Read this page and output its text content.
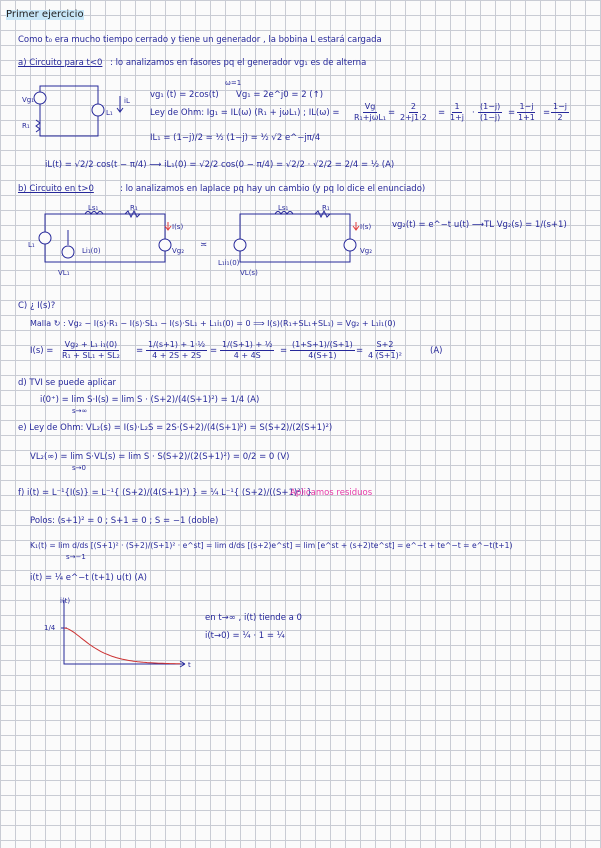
Primer ejercicio
Como t₀ era mucho tiempo cerrado y tiene un generador , la bobina L estará cargada
a) Circuito para t<0 : lo analizamos en fasores pq el generador vg₁ es de alterna
Vg₁
R₁
L₁
iL
ω=1
vg₁ (t) = 2cos(t) Vg₁ = 2e^j0 = 2 (↑)
Ley de Ohm: Ig₁ = IL(ω) (R₁ + jωL₁) ; IL(ω) =
Vg
$R_1+j\omega L_1 = \frac{2}{2+j1\cdot 2} = \frac{1}{1+j} \cdot \frac{(1-j)}{(1-j)} = \frac{1-j}{1+1} = \frac{1-j}{2}$
IL₁ = (1−j)/2 = ½ (1−j) = ½ √2 e^−jπ/4
iL(t) = √2/2 cos(t − π/4) ⟶ iL₁(0) = √2/2 cos(0 − π/4) = √2/2 · √2/2 = 2/4 = ½ (A)
b) Circuito en t>0	: lo analizamos en laplace pq hay un cambio (y pq lo dice el enunciado)
Ls₁	R₁
I(s)
Vg₂
L₁
Li₁(0)
VL₁
≍
Ls₁	R₁
I(s)
Vg₂
L₁i₁(0)
VL(s)
vg₂(t) = e^−t u(t) ⟶TL Vg₂(s) = 1/(s+1)
C) ¿ I(s)?
Malla ↻ : Vg₂ − I(s)·R₁ − I(s)·SL₁ − I(s)·SL₁ + L₁i₁(0) = 0 ⟹ I(s)(R₁+SL₁+SL₁) = Vg₂ + L₁i₁(0)
$I(s) = \frac{\text{Vg₂ + L₁ i₁(0)}}{\text{R₁ + SL₁ + SL₂}} = \frac{\text{1/(s+1) + 1·½}}{4 + 2S + 2S} = \frac{\text{1/(S+1) + ½}}{4 + 4S} = \frac{(1+S+1)/(S+1)}{4(S+1)} = \frac{S+2}{\text{4 (S+1)²}}$	(A)
d) TVI se puede aplicar
i(0⁺) = lim S·I(s) = lim S · (S+2)/(4(S+1)²) = 1/4 (A)
s→∞
e) Ley de Ohm: VL₂(s) = I(s)·L₂S = 2S·(S+2)/(4(S+1)²) = S(S+2)/(2(S+1)²)
VL₂(∞) = lim S·VL(s) = lim S · S(S+2)/(2(S+1)²) = 0/2 = 0 (V)
s→0
f) i(t) = L⁻¹{I(s)} = L⁻¹{ (S+2)/(4(S+1)²) } = ¼ L⁻¹{ (S+2)/((S+1)²) }
Aplicamos residuos
Polos: (s+1)² = 0 ; S+1 = 0 ; S = −1 (doble)
K₁(t) = lim d/ds [(S+1)² · (S+2)/(S+1)² · e^st] = lim d/ds [(s+2)e^st] = lim [e^st + (s+2)te^st] = e^−t + te^−t = e^−t(t+1)
s→−1
i(t) = ¼ e^−t (t+1) u(t) (A)
i(t)
t
1/4
en t→∞ , i(t) tiende a 0
i(t→0) = ¼ · 1 = ¼
